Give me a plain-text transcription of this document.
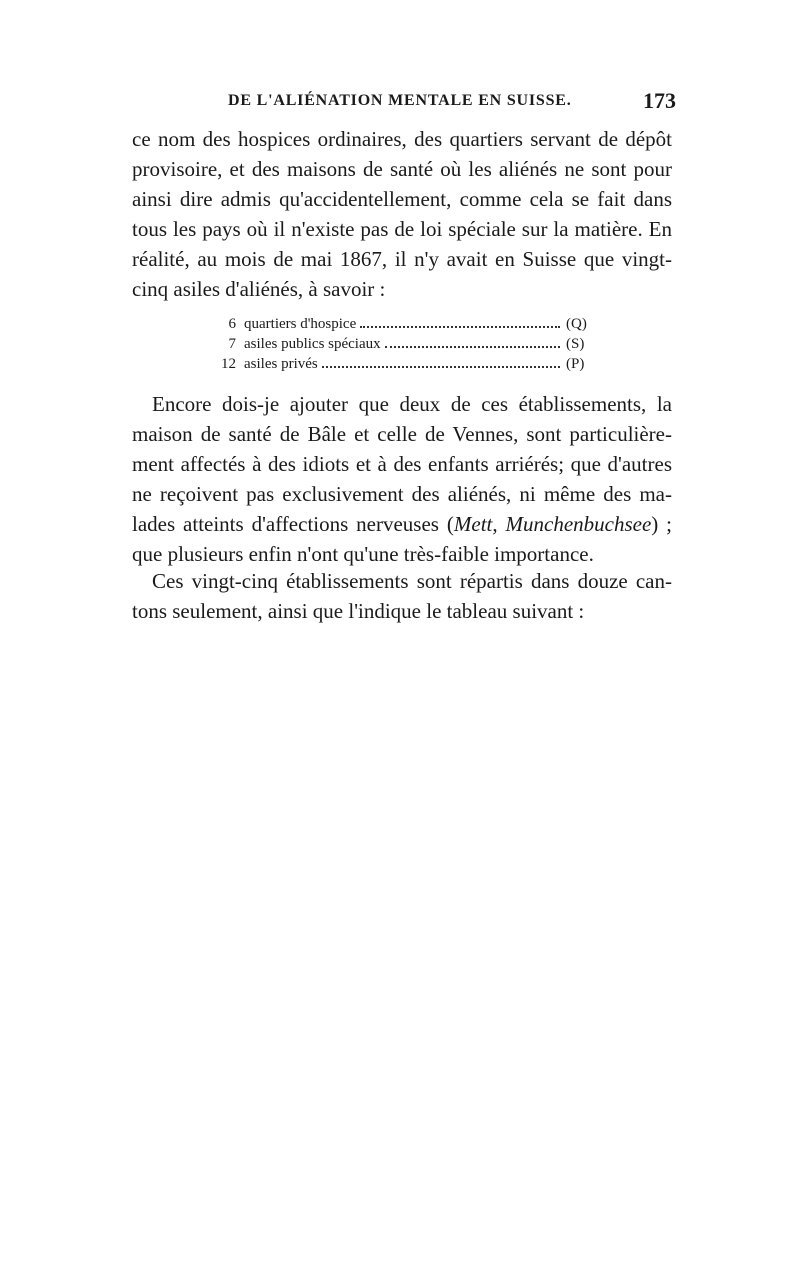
DE L'ALIÉNATION MENTALE EN SUISSE.	173
ce nom des hospices ordinaires, des quartiers servant de dépôt
provisoire, et des maisons de santé où les aliénés ne sont pour
ainsi dire admis qu'accidentellement, comme cela se fait dans
tous les pays où il n'existe pas de loi spéciale sur la matière. En
réalité, au mois de mai 1867, il n'y avait en Suisse que vingt-
cinq asiles d'aliénés, à savoir :
6 quartiers d'hospice	(Q)
7 asiles publics spéciaux	(S)
12 asiles privés	(P)
Encore dois-je ajouter que deux de ces établissements, la
maison de santé de Bâle et celle de Vennes, sont particulière-
ment affectés à des idiots et à des enfants arriérés; que d'autres
ne reçoivent pas exclusivement des aliénés, ni même des ma-
lades atteints d'affections nerveuses (Mett, Munchenbuchsee) ;
que plusieurs enfin n'ont qu'une très-faible importance.
Ces vingt-cinq établissements sont répartis dans douze can-
tons seulement, ainsi que l'indique le tableau suivant :
